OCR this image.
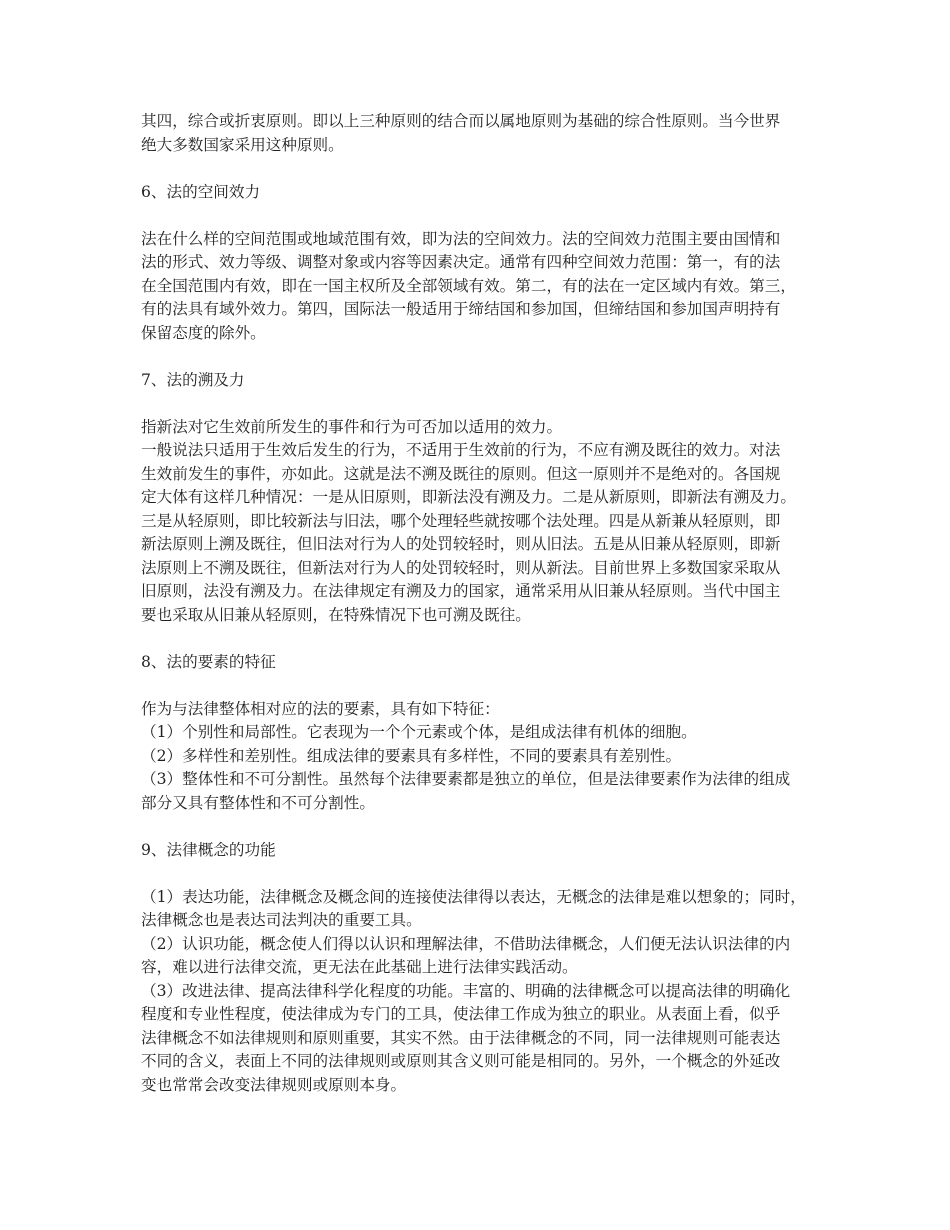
其四，综合或折衷原则。即以上三种原则的结合而以属地原则为基础的综合性原则。当今世界
绝大多数国家采用这种原则。
6、法的空间效力
法在什么样的空间范围或地域范围有效，即为法的空间效力。法的空间效力范围主要由国情和
法的形式、效力等级、调整对象或内容等因素决定。通常有四种空间效力范围：第一，有的法
在全国范围内有效，即在一国主权所及全部领域有效。第二，有的法在一定区域内有效。第三，
有的法具有域外效力。第四，国际法一般适用于缔结国和参加国，但缔结国和参加国声明持有
保留态度的除外。
7、法的溯及力
指新法对它生效前所发生的事件和行为可否加以适用的效力。
一般说法只适用于生效后发生的行为，不适用于生效前的行为，不应有溯及既往的效力。对法
生效前发生的事件，亦如此。这就是法不溯及既往的原则。但这一原则并不是绝对的。各国规
定大体有这样几种情况：一是从旧原则，即新法没有溯及力。二是从新原则，即新法有溯及力。
三是从轻原则，即比较新法与旧法，哪个处理轻些就按哪个法处理。四是从新兼从轻原则，即
新法原则上溯及既往，但旧法对行为人的处罚较轻时，则从旧法。五是从旧兼从轻原则，即新
法原则上不溯及既往，但新法对行为人的处罚较轻时，则从新法。目前世界上多数国家采取从
旧原则，法没有溯及力。在法律规定有溯及力的国家，通常采用从旧兼从轻原则。当代中国主
要也采取从旧兼从轻原则，在特殊情况下也可溯及既往。
8、法的要素的特征
作为与法律整体相对应的法的要素，具有如下特征：
（1）个别性和局部性。它表现为一个个元素或个体，是组成法律有机体的细胞。
（2）多样性和差别性。组成法律的要素具有多样性，不同的要素具有差别性。
（3）整体性和不可分割性。虽然每个法律要素都是独立的单位，但是法律要素作为法律的组成
部分又具有整体性和不可分割性。
9、法律概念的功能
（1）表达功能，法律概念及概念间的连接使法律得以表达，无概念的法律是难以想象的；同时，
法律概念也是表达司法判决的重要工具。
（2）认识功能，概念使人们得以认识和理解法律，不借助法律概念，人们便无法认识法律的内
容，难以进行法律交流，更无法在此基础上进行法律实践活动。
（3）改进法律、提高法律科学化程度的功能。丰富的、明确的法律概念可以提高法律的明确化
程度和专业性程度，使法律成为专门的工具，使法律工作成为独立的职业。从表面上看，似乎
法律概念不如法律规则和原则重要，其实不然。由于法律概念的不同，同一法律规则可能表达
不同的含义，表面上不同的法律规则或原则其含义则可能是相同的。另外，一个概念的外延改
变也常常会改变法律规则或原则本身。
